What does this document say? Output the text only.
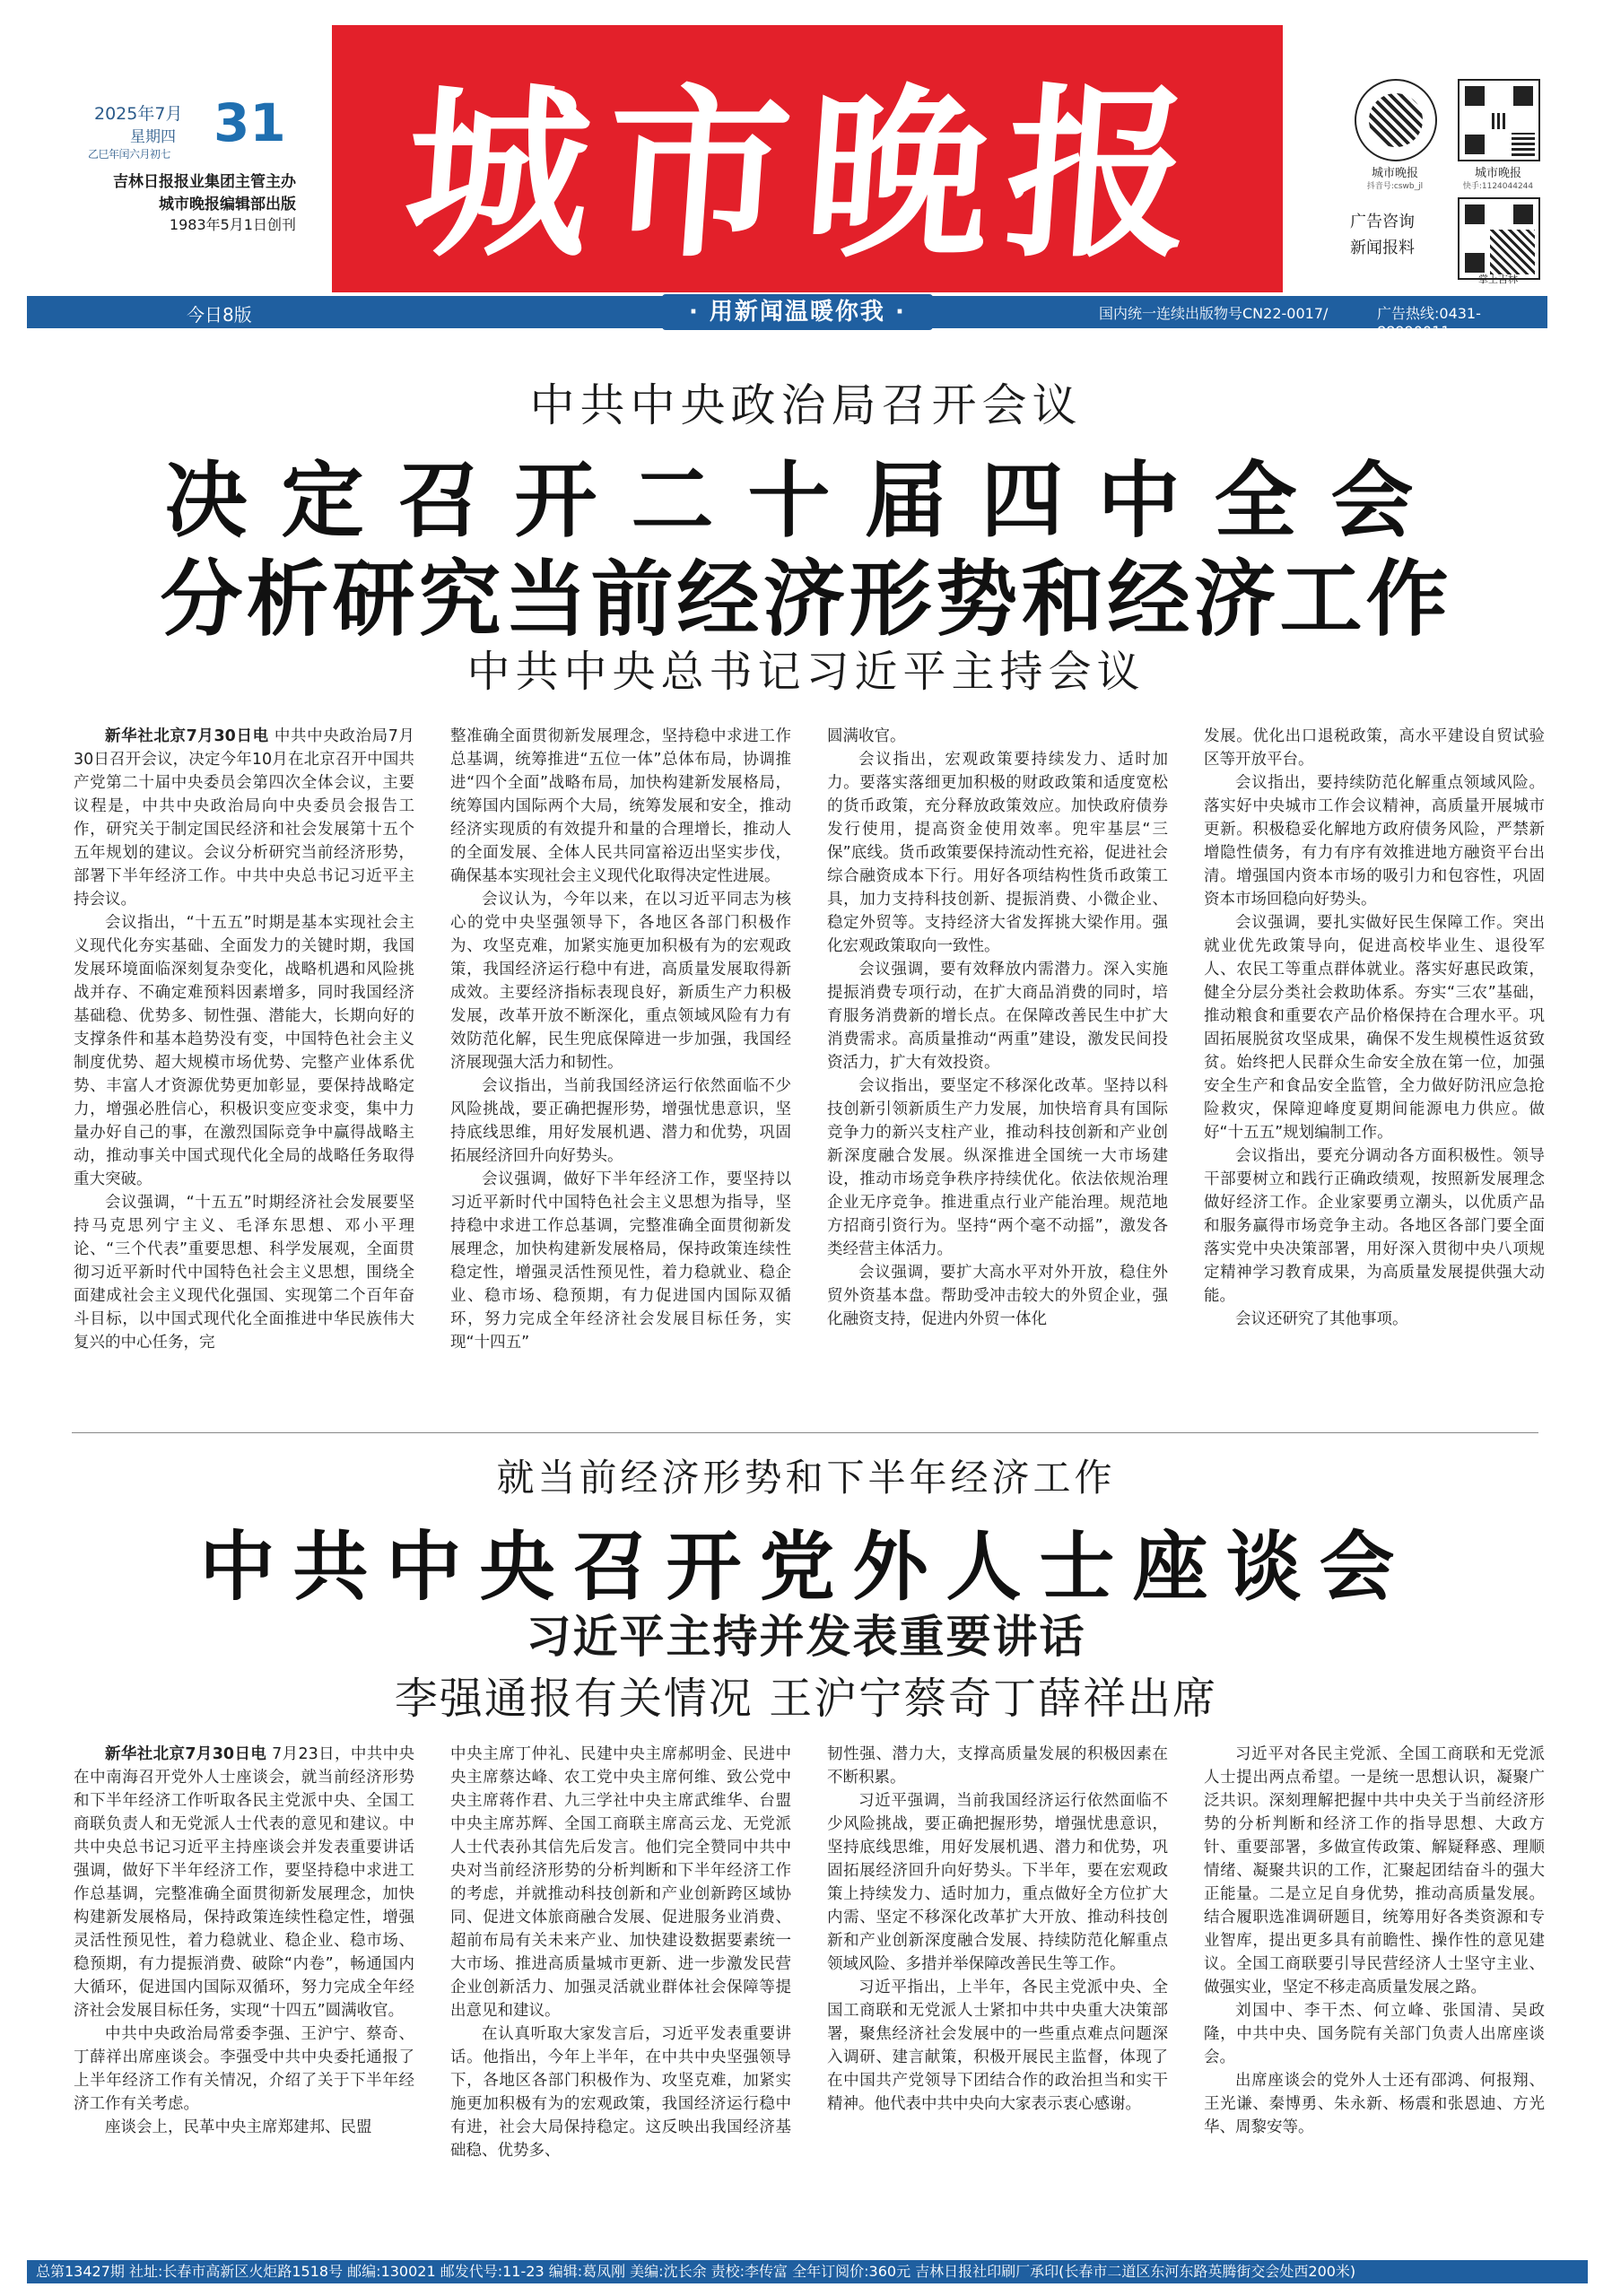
2025年7月
星期四
乙巳年闰六月初七
31
吉林日报报业集团主管主办
城市晚报编辑部出版
1983年5月1日创刊 城市晚报	城市晚报
抖音号:cswb_jl
城市晚报
快手:1124044244
掌上吉林
广告咨询
新闻报料
今日8版	· 用新闻温暖你我 ·	国内统一连续出版物号CN22-0017/	广告热线:0431-88990011
中共中央政治局召开会议
决定召开二十届四中全会
分析研究当前经济形势和经济工作
中共中央总书记习近平主持会议

新华社北京7月30日电 中共中央政治局7月30日召开会议，决定今年10月在北京召开中国共产党第二十届中央委员会第四次全体会议，主要议程是，中共中央政治局向中央委员会报告工作，研究关于制定国民经济和社会发展第十五个五年规划的建议。会议分析研究当前经济形势，部署下半年经济工作。中共中央总书记习近平主持会议。

会议指出，“十五五”时期是基本实现社会主义现代化夯实基础、全面发力的关键时期，我国发展环境面临深刻复杂变化，战略机遇和风险挑战并存、不确定难预料因素增多，同时我国经济基础稳、优势多、韧性强、潜能大，长期向好的支撑条件和基本趋势没有变，中国特色社会主义制度优势、超大规模市场优势、完整产业体系优势、丰富人才资源优势更加彰显，要保持战略定力，增强必胜信心，积极识变应变求变，集中力量办好自己的事，在激烈国际竞争中赢得战略主动，推动事关中国式现代化全局的战略任务取得重大突破。

会议强调，“十五五”时期经济社会发展要坚持马克思列宁主义、毛泽东思想、邓小平理论、“三个代表”重要思想、科学发展观，全面贯彻习近平新时代中国特色社会主义思想，围绕全面建成社会主义现代化强国、实现第二个百年奋斗目标，以中国式现代化全面推进中华民族伟大复兴的中心任务，完

整准确全面贯彻新发展理念，坚持稳中求进工作总基调，统筹推进“五位一体”总体布局，协调推进“四个全面”战略布局，加快构建新发展格局，统筹国内国际两个大局，统筹发展和安全，推动经济实现质的有效提升和量的合理增长，推动人的全面发展、全体人民共同富裕迈出坚实步伐，确保基本实现社会主义现代化取得决定性进展。

会议认为，今年以来，在以习近平同志为核心的党中央坚强领导下，各地区各部门积极作为、攻坚克难，加紧实施更加积极有为的宏观政策，我国经济运行稳中有进，高质量发展取得新成效。主要经济指标表现良好，新质生产力积极发展，改革开放不断深化，重点领域风险有力有效防范化解，民生兜底保障进一步加强，我国经济展现强大活力和韧性。

会议指出，当前我国经济运行依然面临不少风险挑战，要正确把握形势，增强忧患意识，坚持底线思维，用好发展机遇、潜力和优势，巩固拓展经济回升向好势头。

会议强调，做好下半年经济工作，要坚持以习近平新时代中国特色社会主义思想为指导，坚持稳中求进工作总基调，完整准确全面贯彻新发展理念，加快构建新发展格局，保持政策连续性稳定性，增强灵活性预见性，着力稳就业、稳企业、稳市场、稳预期，有力促进国内国际双循环，努力完成全年经济社会发展目标任务，实现“十四五”

圆满收官。

会议指出，宏观政策要持续发力、适时加力。要落实落细更加积极的财政政策和适度宽松的货币政策，充分释放政策效应。加快政府债券发行使用，提高资金使用效率。兜牢基层“三保”底线。货币政策要保持流动性充裕，促进社会综合融资成本下行。用好各项结构性货币政策工具，加力支持科技创新、提振消费、小微企业、稳定外贸等。支持经济大省发挥挑大梁作用。强化宏观政策取向一致性。

会议强调，要有效释放内需潜力。深入实施提振消费专项行动，在扩大商品消费的同时，培育服务消费新的增长点。在保障改善民生中扩大消费需求。高质量推动“两重”建设，激发民间投资活力，扩大有效投资。

会议指出，要坚定不移深化改革。坚持以科技创新引领新质生产力发展，加快培育具有国际竞争力的新兴支柱产业，推动科技创新和产业创新深度融合发展。纵深推进全国统一大市场建设，推动市场竞争秩序持续优化。依法依规治理企业无序竞争。推进重点行业产能治理。规范地方招商引资行为。坚持“两个毫不动摇”，激发各类经营主体活力。

会议强调，要扩大高水平对外开放，稳住外贸外资基本盘。帮助受冲击较大的外贸企业，强化融资支持，促进内外贸一体化

发展。优化出口退税政策，高水平建设自贸试验区等开放平台。

会议指出，要持续防范化解重点领域风险。落实好中央城市工作会议精神，高质量开展城市更新。积极稳妥化解地方政府债务风险，严禁新增隐性债务，有力有序有效推进地方融资平台出清。增强国内资本市场的吸引力和包容性，巩固资本市场回稳向好势头。

会议强调，要扎实做好民生保障工作。突出就业优先政策导向，促进高校毕业生、退役军人、农民工等重点群体就业。落实好惠民政策，健全分层分类社会救助体系。夯实“三农”基础，推动粮食和重要农产品价格保持在合理水平。巩固拓展脱贫攻坚成果，确保不发生规模性返贫致贫。始终把人民群众生命安全放在第一位，加强安全生产和食品安全监管，全力做好防汛应急抢险救灾，保障迎峰度夏期间能源电力供应。做好“十五五”规划编制工作。

会议指出，要充分调动各方面积极性。领导干部要树立和践行正确政绩观，按照新发展理念做好经济工作。企业家要勇立潮头，以优质产品和服务赢得市场竞争主动。各地区各部门要全面落实党中央决策部署，用好深入贯彻中央八项规定精神学习教育成果，为高质量发展提供强大动能。

会议还研究了其他事项。

就当前经济形势和下半年经济工作
中共中央召开党外人士座谈会
习近平主持并发表重要讲话
李强通报有关情况 王沪宁蔡奇丁薛祥出席

新华社北京7月30日电 7月23日，中共中央在中南海召开党外人士座谈会，就当前经济形势和下半年经济工作听取各民主党派中央、全国工商联负责人和无党派人士代表的意见和建议。中共中央总书记习近平主持座谈会并发表重要讲话强调，做好下半年经济工作，要坚持稳中求进工作总基调，完整准确全面贯彻新发展理念，加快构建新发展格局，保持政策连续性稳定性，增强灵活性预见性，着力稳就业、稳企业、稳市场、稳预期，有力提振消费、破除“内卷”，畅通国内大循环，促进国内国际双循环，努力完成全年经济社会发展目标任务，实现“十四五”圆满收官。

中共中央政治局常委李强、王沪宁、蔡奇、丁薛祥出席座谈会。李强受中共中央委托通报了上半年经济工作有关情况，介绍了关于下半年经济工作有关考虑。

座谈会上，民革中央主席郑建邦、民盟

中央主席丁仲礼、民建中央主席郝明金、民进中央主席蔡达峰、农工党中央主席何维、致公党中央主席蒋作君、九三学社中央主席武维华、台盟中央主席苏辉、全国工商联主席高云龙、无党派人士代表孙其信先后发言。他们完全赞同中共中央对当前经济形势的分析判断和下半年经济工作的考虑，并就推动科技创新和产业创新跨区域协同、促进文体旅商融合发展、促进服务业消费、超前布局有关未来产业、加快建设数据要素统一大市场、推进高质量城市更新、进一步激发民营企业创新活力、加强灵活就业群体社会保障等提出意见和建议。

在认真听取大家发言后，习近平发表重要讲话。他指出，今年上半年，在中共中央坚强领导下，各地区各部门积极作为、攻坚克难，加紧实施更加积极有为的宏观政策，我国经济运行稳中有进，社会大局保持稳定。这反映出我国经济基础稳、优势多、

韧性强、潜力大，支撑高质量发展的积极因素在不断积累。

习近平强调，当前我国经济运行依然面临不少风险挑战，要正确把握形势，增强忧患意识，坚持底线思维，用好发展机遇、潜力和优势，巩固拓展经济回升向好势头。下半年，要在宏观政策上持续发力、适时加力，重点做好全方位扩大内需、坚定不移深化改革扩大开放、推动科技创新和产业创新深度融合发展、持续防范化解重点领域风险、多措并举保障改善民生等工作。

习近平指出，上半年，各民主党派中央、全国工商联和无党派人士紧扣中共中央重大决策部署，聚焦经济社会发展中的一些重点难点问题深入调研、建言献策，积极开展民主监督，体现了在中国共产党领导下团结合作的政治担当和实干精神。他代表中共中央向大家表示衷心感谢。

习近平对各民主党派、全国工商联和无党派人士提出两点希望。一是统一思想认识，凝聚广泛共识。深刻理解把握中共中央关于当前经济形势的分析判断和经济工作的指导思想、大政方针、重要部署，多做宣传政策、解疑释惑、理顺情绪、凝聚共识的工作，汇聚起团结奋斗的强大正能量。二是立足自身优势，推动高质量发展。结合履职选准调研题目，统筹用好各类资源和专业智库，提出更多具有前瞻性、操作性的意见建议。全国工商联要引导民营经济人士坚守主业、做强实业，坚定不移走高质量发展之路。

刘国中、李干杰、何立峰、张国清、吴政隆，中共中央、国务院有关部门负责人出席座谈会。

出席座谈会的党外人士还有邵鸿、何报翔、王光谦、秦博勇、朱永新、杨震和张恩迪、方光华、周黎安等。

总第13427期 社址:长春市高新区火炬路1518号 邮编:130021 邮发代号:11-23 编辑:葛凤刚 美编:沈长余 责校:李传富 全年订阅价:360元 吉林日报社印刷厂承印(长春市二道区东河东路英腾街交会处西200米)
